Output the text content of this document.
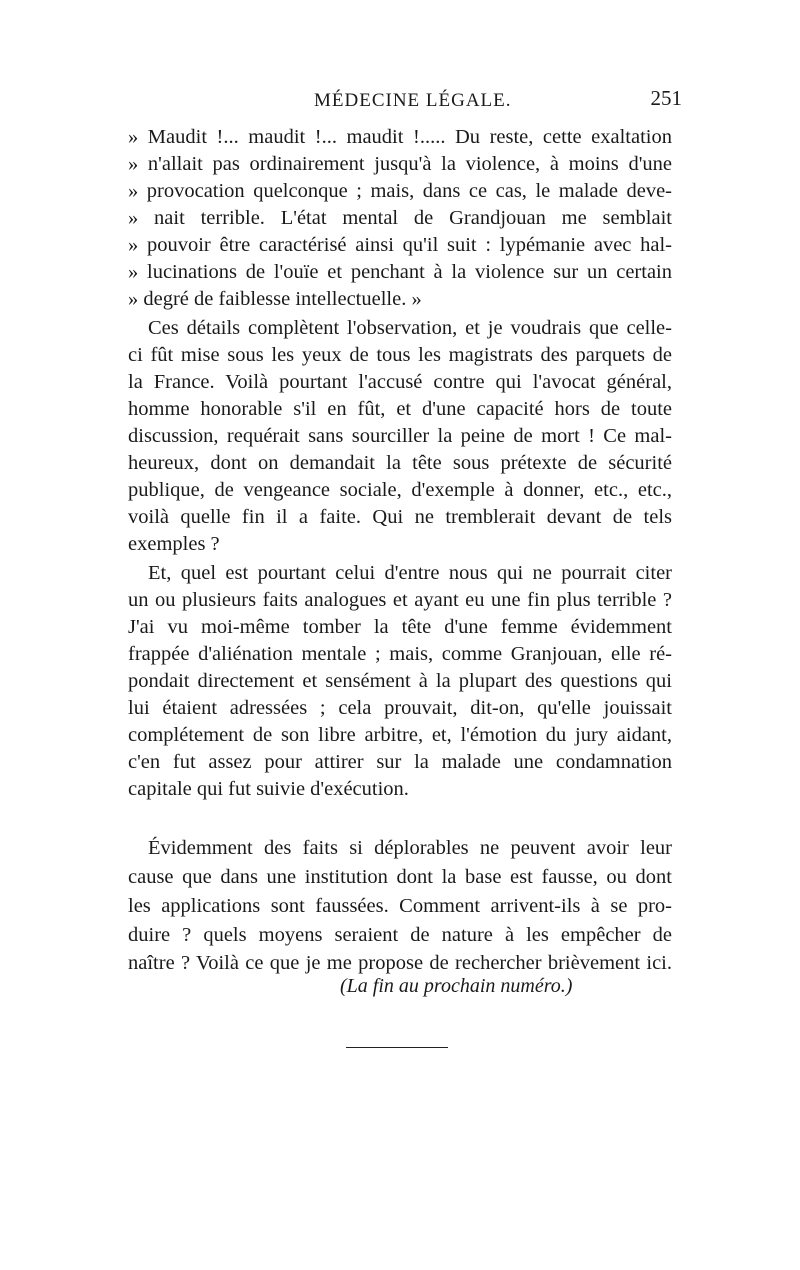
MÉDECINE LÉGALE.	251
» Maudit !... maudit !... maudit !..... Du reste, cette exaltation
» n'allait pas ordinairement jusqu'à la violence, à moins d'une
» provocation quelconque ; mais, dans ce cas, le malade deve-
» nait terrible. L'état mental de Grandjouan me semblait
» pouvoir être caractérisé ainsi qu'il suit : lypémanie avec hal-
» lucinations de l'ouïe et penchant à la violence sur un certain
» degré de faiblesse intellectuelle. »
Ces détails complètent l'observation, et je voudrais que celle-
ci fût mise sous les yeux de tous les magistrats des parquets de
la France. Voilà pourtant l'accusé contre qui l'avocat général,
homme honorable s'il en fût, et d'une capacité hors de toute
discussion, requérait sans sourciller la peine de mort ! Ce mal-
heureux, dont on demandait la tête sous prétexte de sécurité
publique, de vengeance sociale, d'exemple à donner, etc., etc.,
voilà quelle fin il a faite. Qui ne tremblerait devant de tels
exemples ?
Et, quel est pourtant celui d'entre nous qui ne pourrait citer
un ou plusieurs faits analogues et ayant eu une fin plus terrible ?
J'ai vu moi-même tomber la tête d'une femme évidemment
frappée d'aliénation mentale ; mais, comme Granjouan, elle ré-
pondait directement et sensément à la plupart des questions qui
lui étaient adressées ; cela prouvait, dit-on, qu'elle jouissait
complétement de son libre arbitre, et, l'émotion du jury aidant,
c'en fut assez pour attirer sur la malade une condamnation
capitale qui fut suivie d'exécution.
Évidemment des faits si déplorables ne peuvent avoir leur
cause que dans une institution dont la base est fausse, ou dont
les applications sont faussées. Comment arrivent-ils à se pro-
duire ? quels moyens seraient de nature à les empêcher de
naître ? Voilà ce que je me propose de rechercher brièvement ici.
(La fin au prochain numéro.)
